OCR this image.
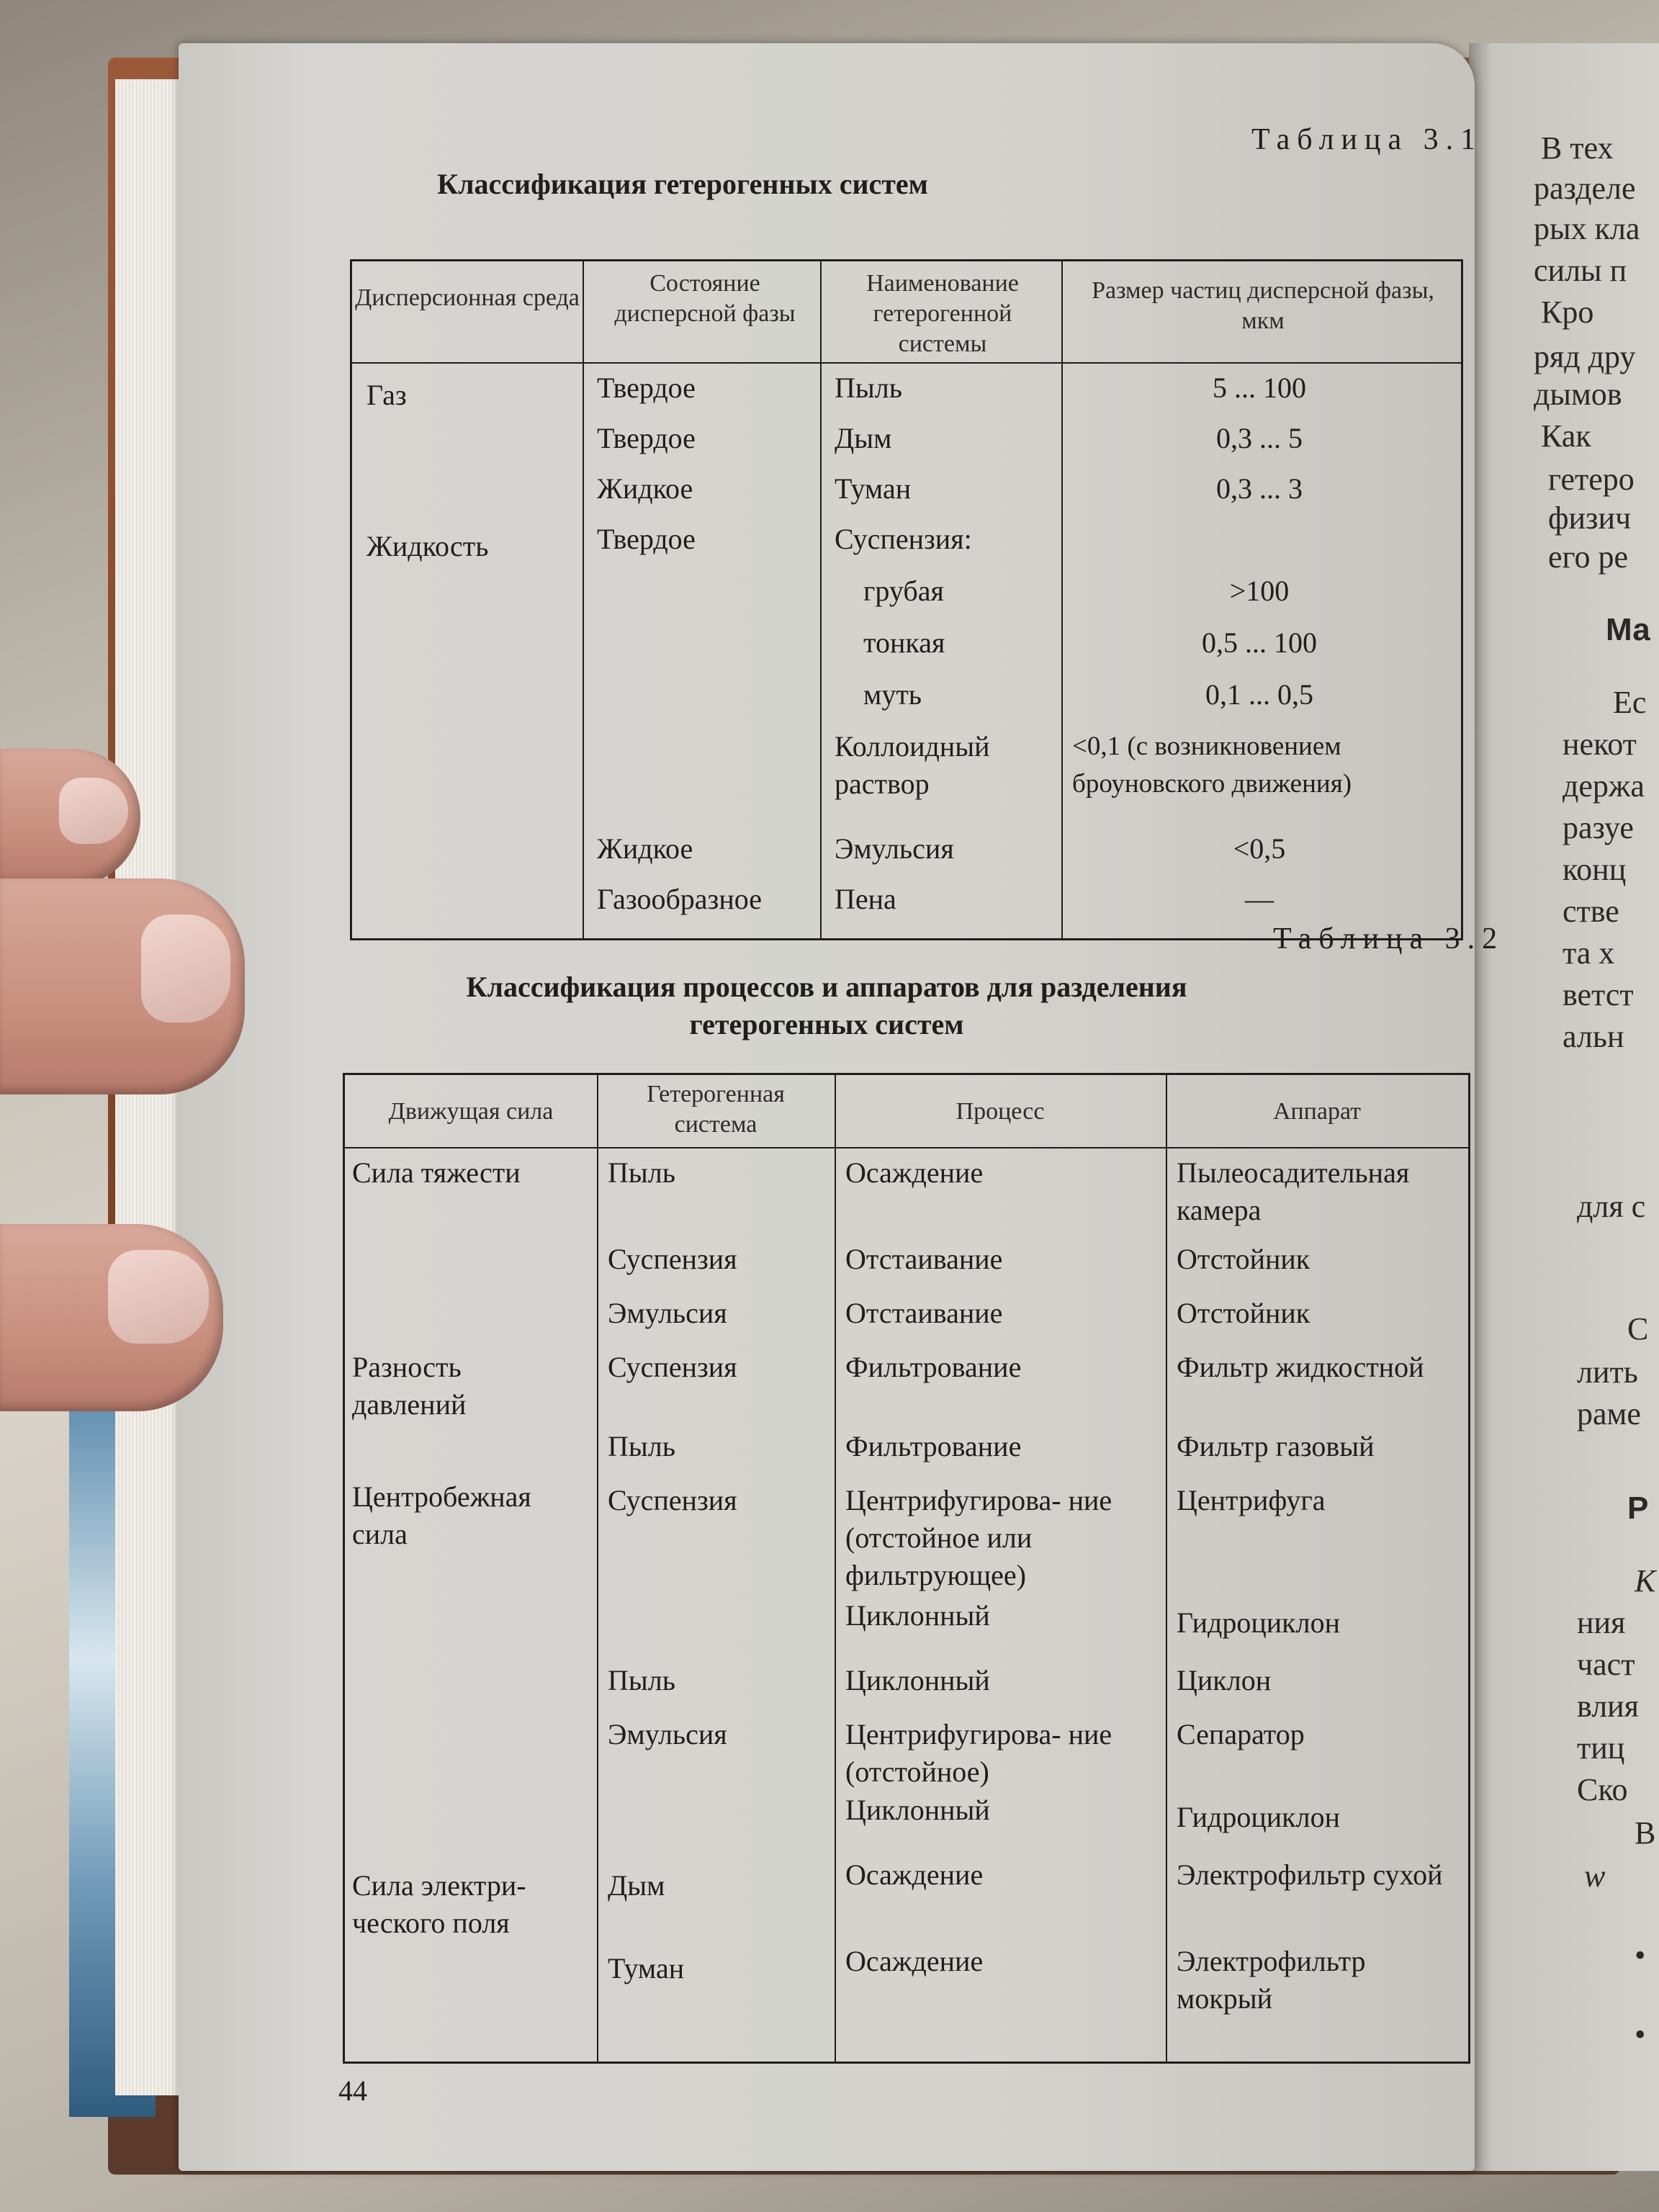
В тех
разделе
рых кла
силы п
Кро
ряд дру
дымов
Как
гетеро
физич
его ре
Ма
Ес
некот
держа
разуе
конц
стве
та x
ветст
альн
для с
С
лить
раме
Р
К
ния
част
влия
тиц
Ско
В
w
•
•
Таблица 3.1
Классификация гетерогенных систем
Дисперсионная среда
Состояние дисперсной фазы
Наименование гетерогенной системы
Размер частиц дисперсной фазы, мкм
Газ
Жидкость
Твердое
Твердое
Жидкое
Твердое
Жидкое
Газообразное
Пыль
Дым
Туман
Суспензия:
грубая
тонкая
муть
Коллоидный раствор
Эмульсия
Пена
5 ... 100
0,3 ... 5
0,3 ... 3
>100
0,5 ... 100
0,1 ... 0,5
<0,1 (с возникновением броуновского движения)
<0,5
—
Таблица 3.2
Классификация процессов и аппаратов для разделения гетерогенных систем
Движущая сила
Гетерогенная система	Процесс	Аппарат
Сила тяжести
Разность давлений
Центробежная сила
Сила электри- ческого поля
Пыль
Суспензия
Эмульсия
Суспензия
Пыль
Суспензия
Пыль
Эмульсия
Дым
Туман
Осаждение
Отстаивание
Отстаивание
Фильтрование
Фильтрование
Центрифугирова- ние (отстойное или фильтрующее)
Циклонный
Циклонный
Центрифугирова- ние (отстойное)
Циклонный
Осаждение
Осаждение
Пылеосадительная камера
Отстойник
Отстойник
Фильтр жидкостной
Фильтр газовый
Центрифуга
Гидроциклон
Циклон
Сепаратор
Гидроциклон
Электрофильтр сухой
Электрофильтр мокрый
44
